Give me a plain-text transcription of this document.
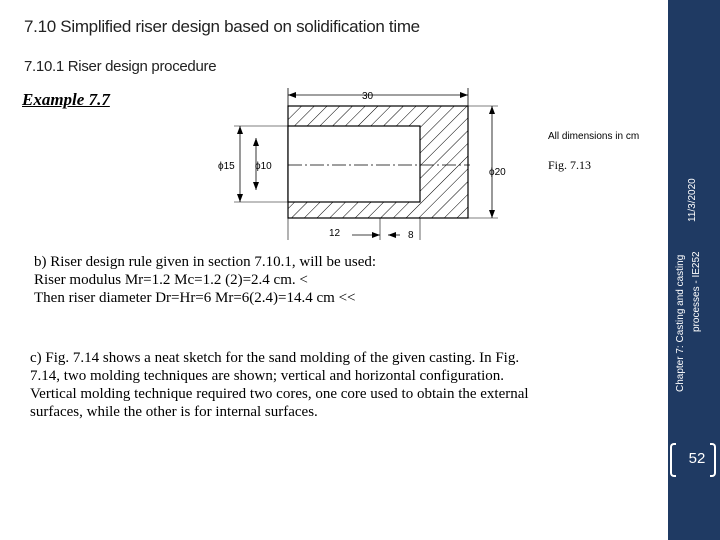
7.10 Simplified riser design based on solidification time
7.10.1 Riser design procedure
Example 7.7
All dimensions in cm
30
ϕ15 ϕ10
ϕ20
Fig. 7.13
12	8
b) Riser design rule given in section 7.10.1, will be used:
Riser modulus Mr=1.2 Mc=1.2 (2)=2.4 cm. <
Then riser diameter Dr=Hr=6 Mr=6(2.4)=14.4 cm <<
c) Fig. 7.14 shows a neat sketch for the sand molding of the given casting. In Fig.
7.14, two molding techniques are shown; vertical and horizontal configuration.
Vertical molding technique required two cores, one core used to obtain the external
surfaces, while the other is for internal surfaces.
11/3/2020
Chapter 7: Casting and casting processes - IE252
52
